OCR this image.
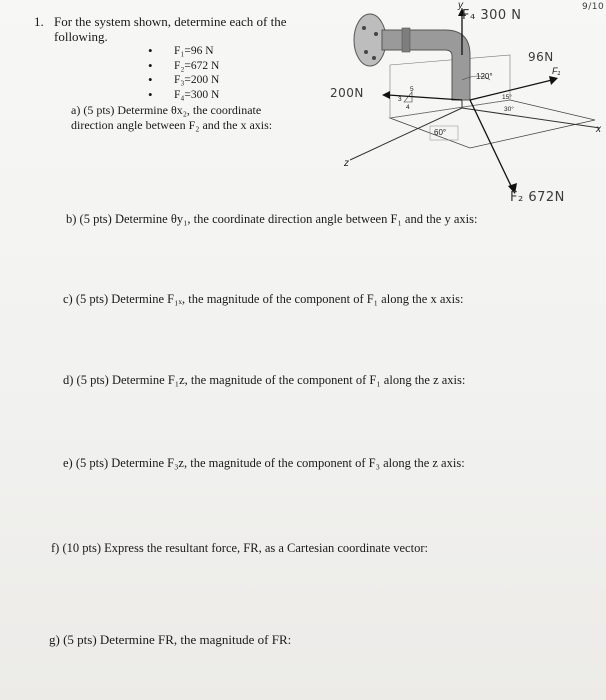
1. For the system shown, determine each of the following.
• F₁=96 N
• F₂=672 N
• F₃=200 N
• F₄=300 N
a) (5 pts) Determine θx₂, the coordinate direction angle between F₂ and the x axis:
b) (5 pts) Determine θy₁, the coordinate direction angle between F₁ and the y axis:
c) (5 pts) Determine F₁ₓ, the magnitude of the component of F₁ along the x axis:
d) (5 pts) Determine F₁z, the magnitude of the component of F₁ along the z axis:
e) (5 pts) Determine F₃z, the magnitude of the component of F₃ along the z axis:
f) (10 pts) Express the resultant force, FR, as a Cartesian coordinate vector:
g) (5 pts) Determine FR, the magnitude of FR:
y
x
z
120°
60°
15°
30°
5
3
4
F₁
F₄ 300 N
96N
200N
F₂ 672N
9/10
